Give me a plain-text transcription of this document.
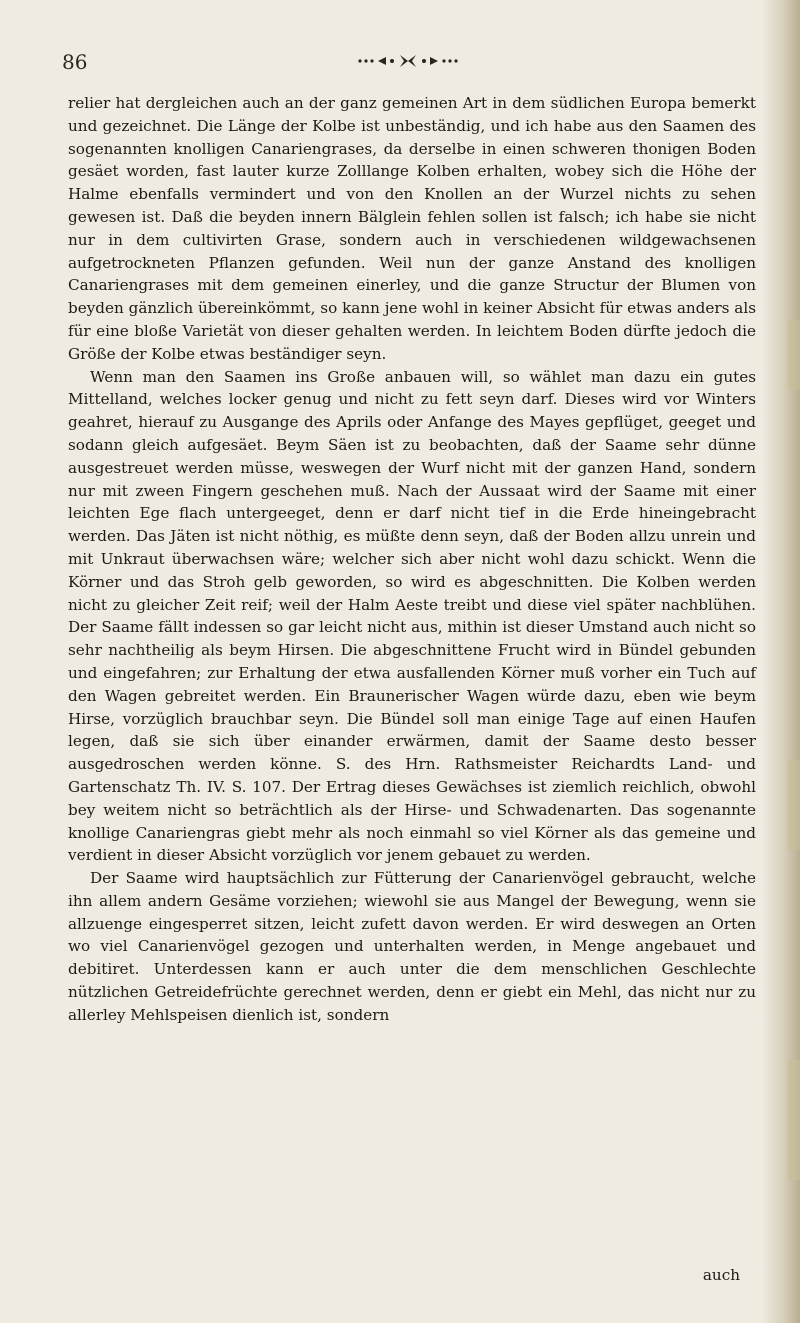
86

relier hat dergleichen auch an der ganz gemeinen Art in dem südlichen Europa bemerkt und gezeichnet. Die Länge der Kolbe ist unbeständig, und ich habe aus den Saamen des sogenannten knolligen Canariengrases, da derselbe in einen schweren thonigen Boden gesäet worden, fast lauter kurze Zolllange Kolben erhalten, wobey sich die Höhe der Halme ebenfalls vermindert und von den Knollen an der Wurzel nichts zu sehen gewesen ist. Daß die beyden innern Bälglein fehlen sollen ist falsch; ich habe sie nicht nur in dem cultivirten Grase, sondern auch in verschiedenen wildgewachsenen aufgetrockneten Pflanzen gefunden. Weil nun der ganze Anstand des knolligen Canariengrases mit dem gemeinen einerley, und die ganze Structur der Blumen von beyden gänzlich übereinkömmt, so kann jene wohl in keiner Absicht für etwas anders als für eine bloße Varietät von dieser gehalten werden. In leichtem Boden dürfte jedoch die Größe der Kolbe etwas beständiger seyn.

Wenn man den Saamen ins Große anbauen will, so wählet man dazu ein gutes Mittelland, welches locker genug und nicht zu fett seyn darf. Dieses wird vor Winters geahret, hierauf zu Ausgange des Aprils oder Anfange des Mayes gepflüget, geeget und sodann gleich aufgesäet. Beym Säen ist zu beobachten, daß der Saame sehr dünne ausgestreuet werden müsse, weswegen der Wurf nicht mit der ganzen Hand, sondern nur mit zween Fingern geschehen muß. Nach der Aussaat wird der Saame mit einer leichten Ege flach untergeeget, denn er darf nicht tief in die Erde hineingebracht werden. Das Jäten ist nicht nöthig, es müßte denn seyn, daß der Boden allzu unrein und mit Unkraut überwachsen wäre; welcher sich aber nicht wohl dazu schickt. Wenn die Körner und das Stroh gelb geworden, so wird es abgeschnitten. Die Kolben werden nicht zu gleicher Zeit reif; weil der Halm Aeste treibt und diese viel später nachblühen. Der Saame fällt indessen so gar leicht nicht aus, mithin ist dieser Umstand auch nicht so sehr nachtheilig als beym Hirsen. Die abgeschnittene Frucht wird in Bündel gebunden und eingefahren; zur Erhaltung der etwa ausfallenden Körner muß vorher ein Tuch auf den Wagen gebreitet werden. Ein Braunerischer Wagen würde dazu, eben wie beym Hirse, vorzüglich brauchbar seyn. Die Bündel soll man einige Tage auf einen Haufen legen, daß sie sich über einander erwärmen, damit der Saame desto besser ausgedroschen werden könne. S. des Hrn. Rathsmeister Reichardts Land- und Gartenschatz Th. IV. S. 107. Der Ertrag dieses Gewächses ist ziemlich reichlich, obwohl bey weitem nicht so beträchtlich als der Hirse- und Schwadenarten. Das sogenannte knollige Canariengras giebt mehr als noch einmahl so viel Körner als das gemeine und verdient in dieser Absicht vorzüglich vor jenem gebauet zu werden.

Der Saame wird hauptsächlich zur Fütterung der Canarienvögel gebraucht, welche ihn allem andern Gesäme vorziehen; wiewohl sie aus Mangel der Bewegung, wenn sie allzuenge eingesperret sitzen, leicht zufett davon werden. Er wird deswegen an Orten wo viel Canarienvögel gezogen und unterhalten werden, in Menge angebauet und debitiret. Unterdessen kann er auch unter die dem menschlichen Geschlechte nützlichen Getreidefrüchte gerechnet werden, denn er giebt ein Mehl, das nicht nur zu allerley Mehlspeisen dienlich ist, sondern

auch
